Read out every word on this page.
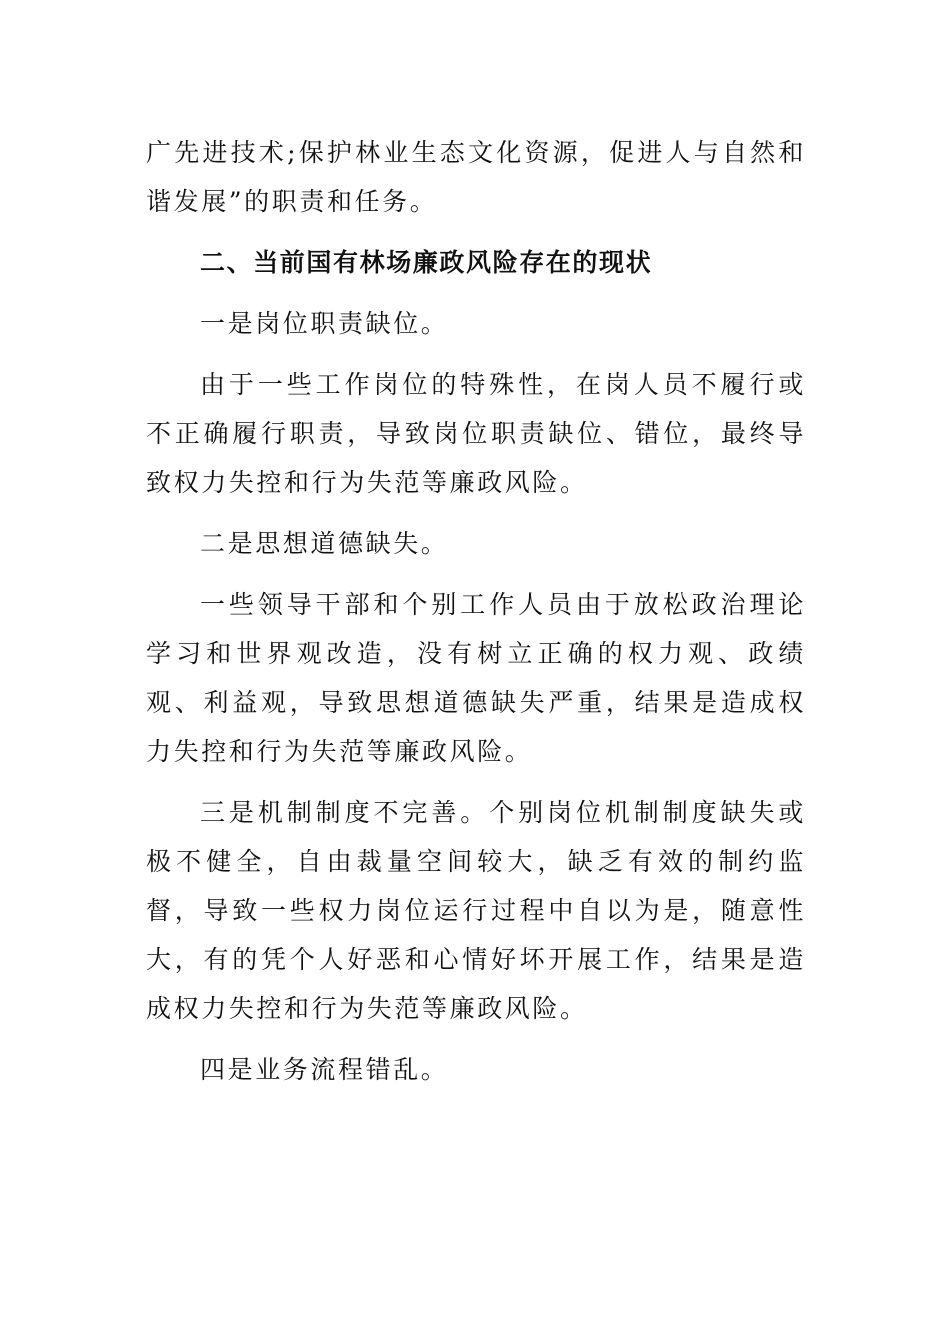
广先进技术;保护林业生态文化资源，促进人与自然和谐发展”的职责和任务。

二、当前国有林场廉政风险存在的现状

一是岗位职责缺位。

由于一些工作岗位的特殊性，在岗人员不履行或不正确履行职责，导致岗位职责缺位、错位，最终导致权力失控和行为失范等廉政风险。

二是思想道德缺失。

一些领导干部和个别工作人员由于放松政治理论学习和世界观改造，没有树立正确的权力观、政绩观、利益观，导致思想道德缺失严重，结果是造成权力失控和行为失范等廉政风险。

三是机制制度不完善。个别岗位机制制度缺失或极不健全，自由裁量空间较大，缺乏有效的制约监督，导致一些权力岗位运行过程中自以为是，随意性大，有的凭个人好恶和心情好坏开展工作，结果是造成权力失控和行为失范等廉政风险。

四是业务流程错乱。
